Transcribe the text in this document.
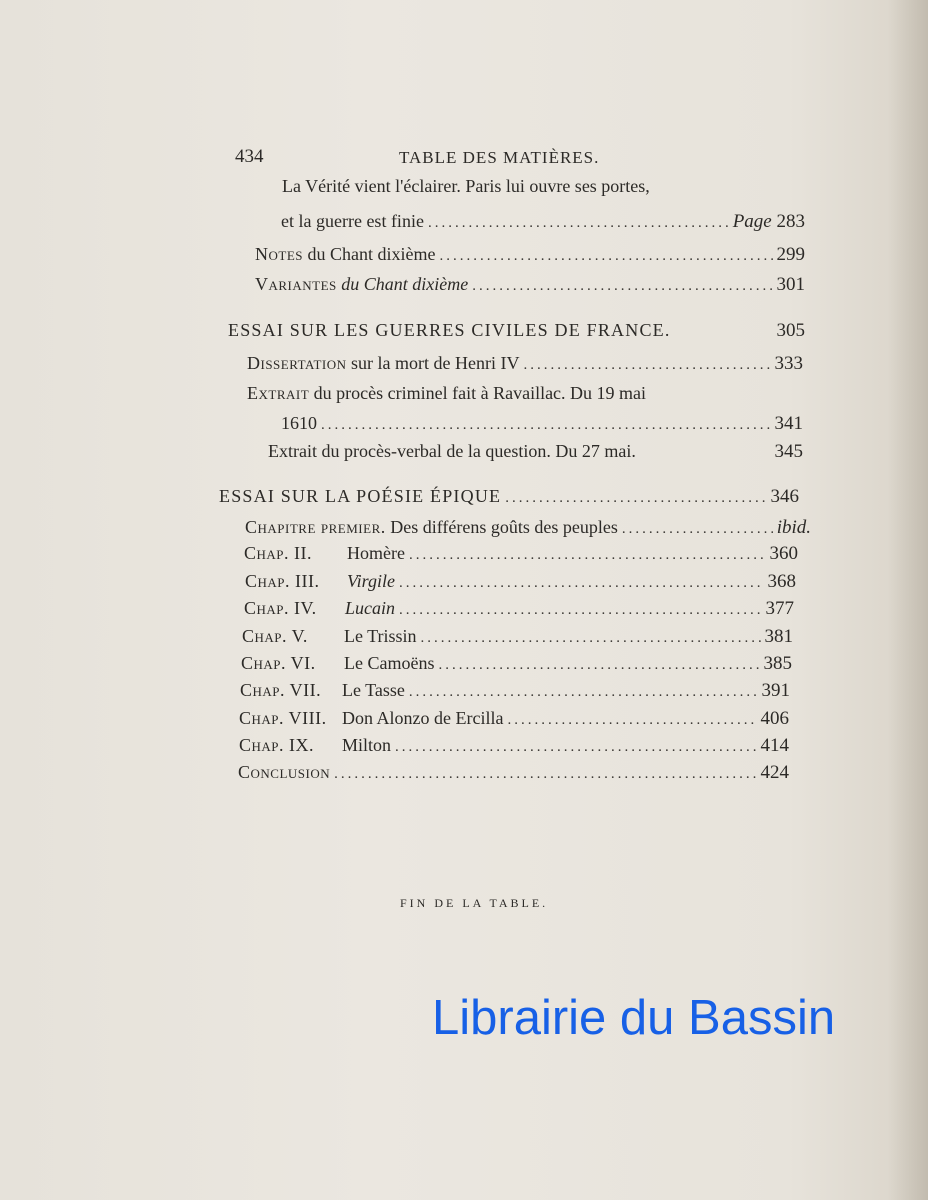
434	TABLE DES MATIÈRES.
La Vérité vient l'éclairer. Paris lui ouvre ses portes,
et la guerre est finie .....	Page 283
Notes du Chant dixième .....	299
Variantes du Chant dixième .....	301
ESSAI SUR LES GUERRES CIVILES DE FRANCE.	305
Dissertation sur la mort de Henri IV .....	333
Extrait du procès criminel fait à Ravaillac. Du 19 mai
1610 .....	341
Extrait du procès-verbal de la question. Du 27 mai.	345
ESSAI SUR LA POÉSIE ÉPIQUE .....	346
Chapitre premier. Des différens goûts des peuples .....	ibid.
Chap. II. Homère .....	360
Chap. III. Virgile .....	368
Chap. IV. Lucain .....	377
Chap. V. Le Trissin .....	381
Chap. VI. Le Camoëns .....	385
Chap. VII. Le Tasse .....	391
Chap. VIII. Don Alonzo de Ercilla .....	406
Chap. IX. Milton .....	414
Conclusion .....	424
FIN DE LA TABLE.
Librairie du Bassin
